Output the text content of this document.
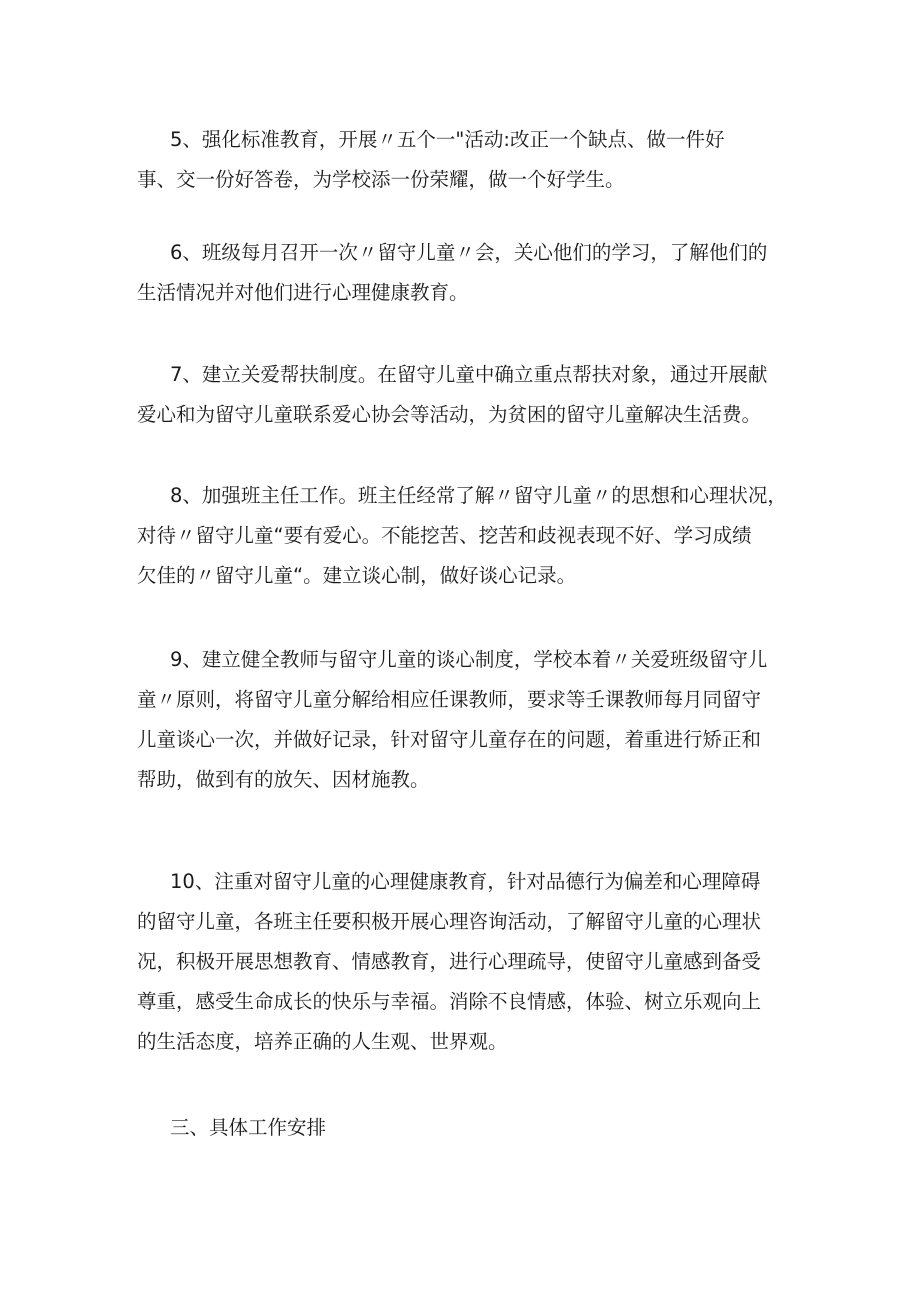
5、强化标准教育，开展〃五个一"活动:改正一个缺点、做一件好
事、交一份好答卷，为学校添一份荣耀，做一个好学生。

6、班级每月召开一次〃留守儿童〃会，关心他们的学习，了解他们的
生活情况并对他们进行心理健康教育。

7、建立关爱帮扶制度。在留守儿童中确立重点帮扶对象，通过开展献
爱心和为留守儿童联系爱心协会等活动，为贫困的留守儿童解决生活费。

8、加强班主任工作。班主任经常了解〃留守儿童〃的思想和心理状况，
对待〃留守儿童“要有爱心。不能挖苦、挖苦和歧视表现不好、学习成绩
欠佳的〃留守儿童“。建立谈心制，做好谈心记录。

9、建立健全教师与留守儿童的谈心制度，学校本着〃关爱班级留守儿
童〃原则，将留守儿童分解给相应任课教师，要求等壬课教师每月同留守
儿童谈心一次，并做好记录，针对留守儿童存在的问题，着重进行矫正和
帮助，做到有的放矢、因材施教。

10、注重对留守儿童的心理健康教育，针对品德行为偏差和心理障碍
的留守儿童，各班主任要积极开展心理咨询活动，了解留守儿童的心理状
况，积极开展思想教育、情感教育，进行心理疏导，使留守儿童感到备受
尊重，感受生命成长的快乐与幸福。消除不良情感，体验、树立乐观向上
的生活态度，培养正确的人生观、世界观。

三、具体工作安排
